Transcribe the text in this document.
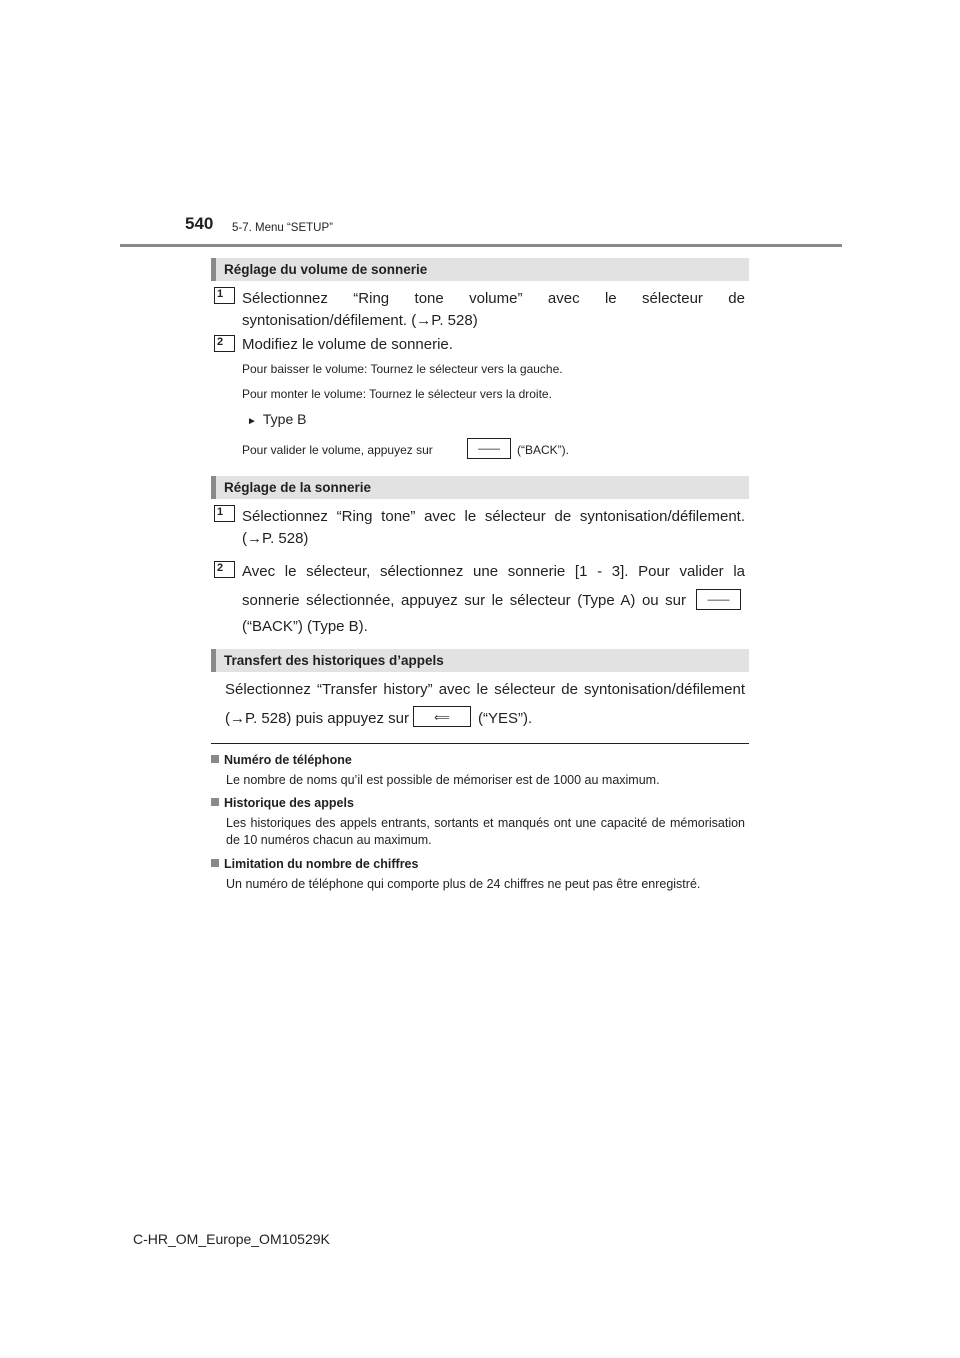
540 5-7. Menu “SETUP”
Réglage du volume de sonnerie
1 Sélectionnez “Ring tone volume” avec le sélecteur de syntonisation/défilement. (→P. 528)
2 Modifiez le volume de sonnerie.
Pour baisser le volume: Tournez le sélecteur vers la gauche.
Pour monter le volume: Tournez le sélecteur vers la droite.
► Type B
Pour valider le volume, appuyez sur	——	(“BACK”).
Réglage de la sonnerie
1 Sélectionnez “Ring tone” avec le sélecteur de syntonisation/défilement. (→P. 528)
2 Avec le sélecteur, sélectionnez une sonnerie [1 - 3]. Pour valider la
sonnerie sélectionnée, appuyez sur le sélecteur (Type A) ou sur	——
(“BACK”) (Type B).
Transfert des historiques d’appels
Sélectionnez “Transfer history” avec le sélecteur de syntonisation/défilement
(→P. 528) puis appuyez sur	⟸	(“YES”).
Numéro de téléphone
Le nombre de noms qu’il est possible de mémoriser est de 1000 au maximum.
Historique des appels
Les historiques des appels entrants, sortants et manqués ont une capacité de mémorisation de 10 numéros chacun au maximum.
Limitation du nombre de chiffres
Un numéro de téléphone qui comporte plus de 24 chiffres ne peut pas être enregistré.
C-HR_OM_Europe_OM10529K
